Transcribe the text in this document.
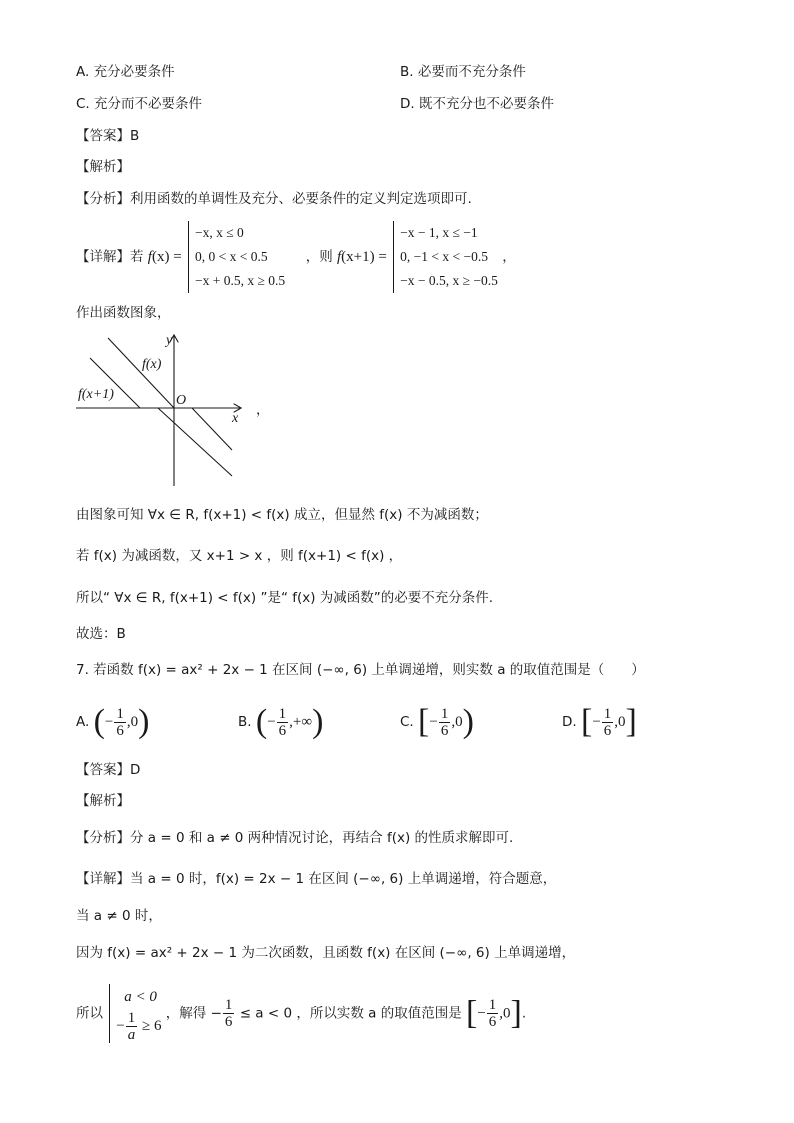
A. 充分必要条件	B. 必要而不充分条件
C. 充分而不必要条件	D. 既不充分也不必要条件
【答案】B
【解析】
【分析】利用函数的单调性及充分、必要条件的定义判定选项即可.
【详解】若 f(x) =
−x, x ≤ 0
0, 0 < x < 0.5
−x + 0.5, x ≥ 0.5
，则 f(x+1) =
−x − 1, x ≤ −1
0, −1 < x < −0.5
−x − 0.5, x ≥ −0.5
，
作出函数图象，
y
x
O
f(x)
f(x+1)
，
由图象可知 ∀x ∈ R, f(x+1) < f(x) 成立，但显然 f(x) 不为减函数；
若 f(x) 为减函数，又 x+1 > x ，则 f(x+1) < f(x) ，
所以“ ∀x ∈ R, f(x+1) < f(x) ”是“ f(x) 为减函数”的必要不充分条件.
故选：B
7. 若函数 f(x) = ax² + 2x − 1 在区间 (−∞, 6) 上单调递增，则实数 a 的取值范围是（　　）
A. (− $\frac{1}{6} ,0$)	B. (− $\frac{1}{6}$ ,+∞)	C. [− $\frac{1}{6} ,0$)	D. [− $\frac{1}{6} ,0$]
【答案】D
【解析】
【分析】分 a = 0 和 a ≠ 0 两种情况讨论，再结合 f(x) 的性质求解即可.
【详解】当 a = 0 时，f(x) = 2x − 1 在区间 (−∞, 6) 上单调递增，符合题意，
当 a ≠ 0 时，
因为 f(x) = ax² + 2x − 1 为二次函数，且函数 f(x) 在区间 (−∞, 6) 上单调递增，
所以
a < 0
− $\frac{1}{a} \ge 6$
，解得 − $\frac{1}{6} \le a < 0$ ，所以实数 a 的取值范围是 [− $\frac{1}{6} ,0$].
